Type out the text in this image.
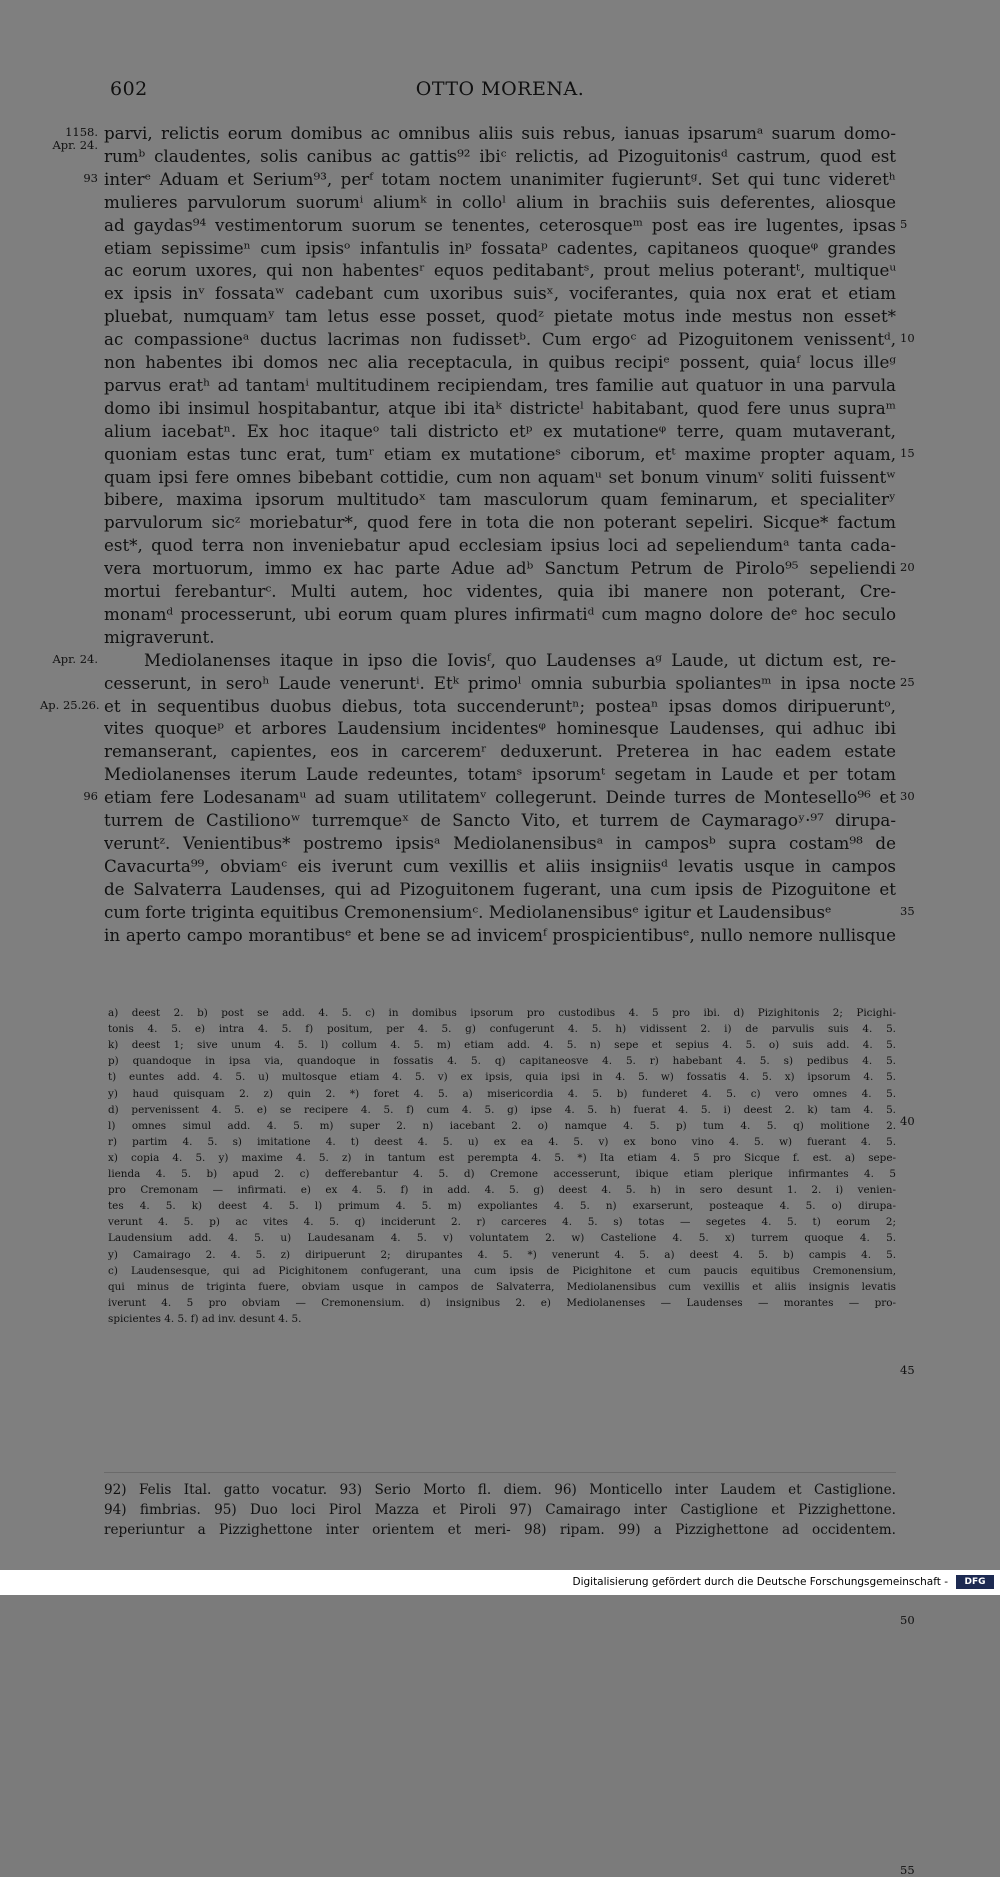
602	OTTO MORENA.
parvi, relictis eorum domibus ac omnibus aliis suis rebus, ianuas ipsarumᵃ suarum domo-
rumᵇ claudentes, solis canibus ac gattis⁹² ibiᶜ relictis, ad Pizoguitonisᵈ castrum, quod est
interᵉ Aduam et Serium⁹³, perᶠ totam noctem unanimiter fugieruntᵍ. Set qui tunc videretʰ
mulieres parvulorum suorumⁱ aliumᵏ in colloˡ alium in brachiis suis deferentes, aliosque
ad gaydas⁹⁴ vestimentorum suorum se tenentes, ceterosqueᵐ post eas ire lugentes, ipsas
etiam sepissimeⁿ cum ipsisᵒ infantulis inᵖ fossataᵖ cadentes, capitaneos quoqueᵠ grandes
ac eorum uxores, qui non habentesʳ equos peditabantˢ, prout melius poterantᵗ, multiqueᵘ
ex ipsis inᵛ fossataʷ cadebant cum uxoribus suisˣ, vociferantes, quia nox erat et etiam
pluebat, numquamʸ tam letus esse posset, quodᶻ pietate motus inde mestus non esset*
ac compassioneᵃ ductus lacrimas non fudissetᵇ. Cum ergoᶜ ad Pizoguitonem venissentᵈ,
non habentes ibi domos nec alia receptacula, in quibus recipiᵉ possent, quiaᶠ locus illeᵍ
parvus eratʰ ad tantamⁱ multitudinem recipiendam, tres familie aut quatuor in una parvula
domo ibi insimul hospitabantur, atque ibi itaᵏ districteˡ habitabant, quod fere unus supraᵐ
alium iacebatⁿ. Ex hoc itaqueᵒ tali districto etᵖ ex mutationeᵠ terre, quam mutaverant,
quoniam estas tunc erat, tumʳ etiam ex mutationeˢ ciborum, etᵗ maxime propter aquam,
quam ipsi fere omnes bibebant cottidie, cum non aquamᵘ set bonum vinumᵛ soliti fuissentʷ
bibere, maxima ipsorum multitudoˣ tam masculorum quam feminarum, et specialiterʸ
parvulorum sicᶻ moriebatur*, quod fere in tota die non poterant sepeliri. Sicque* factum
est*, quod terra non inveniebatur apud ecclesiam ipsius loci ad sepeliendumᵃ tanta cada-
vera mortuorum, immo ex hac parte Adue adᵇ Sanctum Petrum de Pirolo⁹⁵ sepeliendi
mortui ferebanturᶜ. Multi autem, hoc videntes, quia ibi manere non poterant, Cre-
monamᵈ processerunt, ubi eorum quam plures infirmatiᵈ cum magno dolore deᵉ hoc seculo
migraverunt.
Mediolanenses itaque in ipso die Iovisᶠ, quo Laudenses aᵍ Laude, ut dictum est, re-
cesserunt, in seroʰ Laude veneruntⁱ. Etᵏ primoˡ omnia suburbia spoliantesᵐ in ipsa nocte
et in sequentibus duobus diebus, tota succenderuntⁿ; posteaⁿ ipsas domos diripueruntᵒ,
vites quoqueᵖ et arbores Laudensium incidentesᵠ hominesque Laudenses, qui adhuc ibi
remanserant, capientes, eos in carceremʳ deduxerunt. Preterea in hac eadem estate
Mediolanenses iterum Laude redeuntes, totamˢ ipsorumᵗ segetam in Laude et per totam
etiam fere Lodesanamᵘ ad suam utilitatemᵛ collegerunt. Deinde turres de Montesello⁹⁶ et
turrem de Castilionoʷ turremqueˣ de Sancto Vito, et turrem de Caymaragoʸ·⁹⁷ dirupa-
veruntᶻ. Venientibus* postremo ipsisᵃ Mediolanensibusᵃ in camposᵇ supra costam⁹⁸ de
Cavacurta⁹⁹, obviamᶜ eis iverunt cum vexillis et aliis insigniisᵈ levatis usque in campos
de Salvaterra Laudenses, qui ad Pizoguitonem fugerant, una cum ipsis de Pizoguitone et
cum forte triginta equitibus Cremonensiumᶜ. Mediolanensibusᵉ igitur et Laudensibusᵉ
in aperto campo morantibusᵉ et bene se ad invicemᶠ prospicientibusᵉ, nullo nemore nullisque
1158.
Apr. 24.
93
Apr. 24.
Ap. 25.26.
96
5
10
15
20
25
30
35
40
45
50
55
a) deest 2. b) post se add. 4. 5. c) in domibus ipsorum pro custodibus 4. 5 pro ibi. d) Pizighitonis 2; Picighi-
tonis 4. 5. e) intra 4. 5. f) positum, per 4. 5. g) confugerunt 4. 5. h) vidissent 2. i) de parvulis suis 4. 5.
k) deest 1; sive unum 4. 5. l) collum 4. 5. m) etiam add. 4. 5. n) sepe et sepius 4. 5. o) suis add. 4. 5.
p) quandoque in ipsa via, quandoque in fossatis 4. 5. q) capitaneosve 4. 5. r) habebant 4. 5. s) pedibus 4. 5.
t) euntes add. 4. 5. u) multosque etiam 4. 5. v) ex ipsis, quia ipsi in 4. 5. w) fossatis 4. 5. x) ipsorum 4. 5.
y) haud quisquam 2. z) quin 2. *) foret 4. 5. a) misericordia 4. 5. b) funderet 4. 5. c) vero omnes 4. 5.
d) pervenissent 4. 5. e) se recipere 4. 5. f) cum 4. 5. g) ipse 4. 5. h) fuerat 4. 5. i) deest 2. k) tam 4. 5.
l) omnes simul add. 4. 5. m) super 2. n) iacebant 2. o) namque 4. 5. p) tum 4. 5. q) molitione 2.
r) partim 4. 5. s) imitatione 4. t) deest 4. 5. u) ex ea 4. 5. v) ex bono vino 4. 5. w) fuerant 4. 5.
x) copia 4. 5. y) maxime 4. 5. z) in tantum est perempta 4. 5. *) Ita etiam 4. 5 pro Sicque f. est. a) sepe-
lienda 4. 5. b) apud 2. c) defferebantur 4. 5. d) Cremone accesserunt, ibique etiam plerique infirmantes 4. 5
pro Cremonam — infirmati. e) ex 4. 5. f) in add. 4. 5. g) deest 4. 5. h) in sero desunt 1. 2. i) venien-
tes 4. 5. k) deest 4. 5. l) primum 4. 5. m) expoliantes 4. 5. n) exarserunt, posteaque 4. 5. o) dirupa-
verunt 4. 5. p) ac vites 4. 5. q) inciderunt 2. r) carceres 4. 5. s) totas — segetes 4. 5. t) eorum 2;
Laudensium add. 4. 5. u) Laudesanam 4. 5. v) voluntatem 2. w) Castelione 4. 5. x) turrem quoque 4. 5.
y) Camairago 2. 4. 5. z) diripuerunt 2; dirupantes 4. 5. *) venerunt 4. 5. a) deest 4. 5. b) campis 4. 5.
c) Laudensesque, qui ad Picighitonem confugerant, una cum ipsis de Picighitone et cum paucis equitibus Cremonensium,
qui minus de triginta fuere, obviam usque in campos de Salvaterra, Mediolanensibus cum vexillis et aliis insignis levatis
iverunt 4. 5 pro obviam — Cremonensium. d) insignibus 2. e) Mediolanenses — Laudenses — morantes — pro-
spicientes 4. 5. f) ad inv. desunt 4. 5.
92) Felis Ital. gatto vocatur. 93) Serio Morto fl. diem. 96) Monticello inter Laudem et Castiglione.
94) fimbrias. 95) Duo loci Pirol Mazza et Piroli 97) Camairago inter Castiglione et Pizzighettone.
reperiuntur a Pizzighettone inter orientem et meri- 98) ripam. 99) a Pizzighettone ad occidentem.
Digitalisierung gefördert durch die Deutsche Forschungsgemeinschaft -	DFG
